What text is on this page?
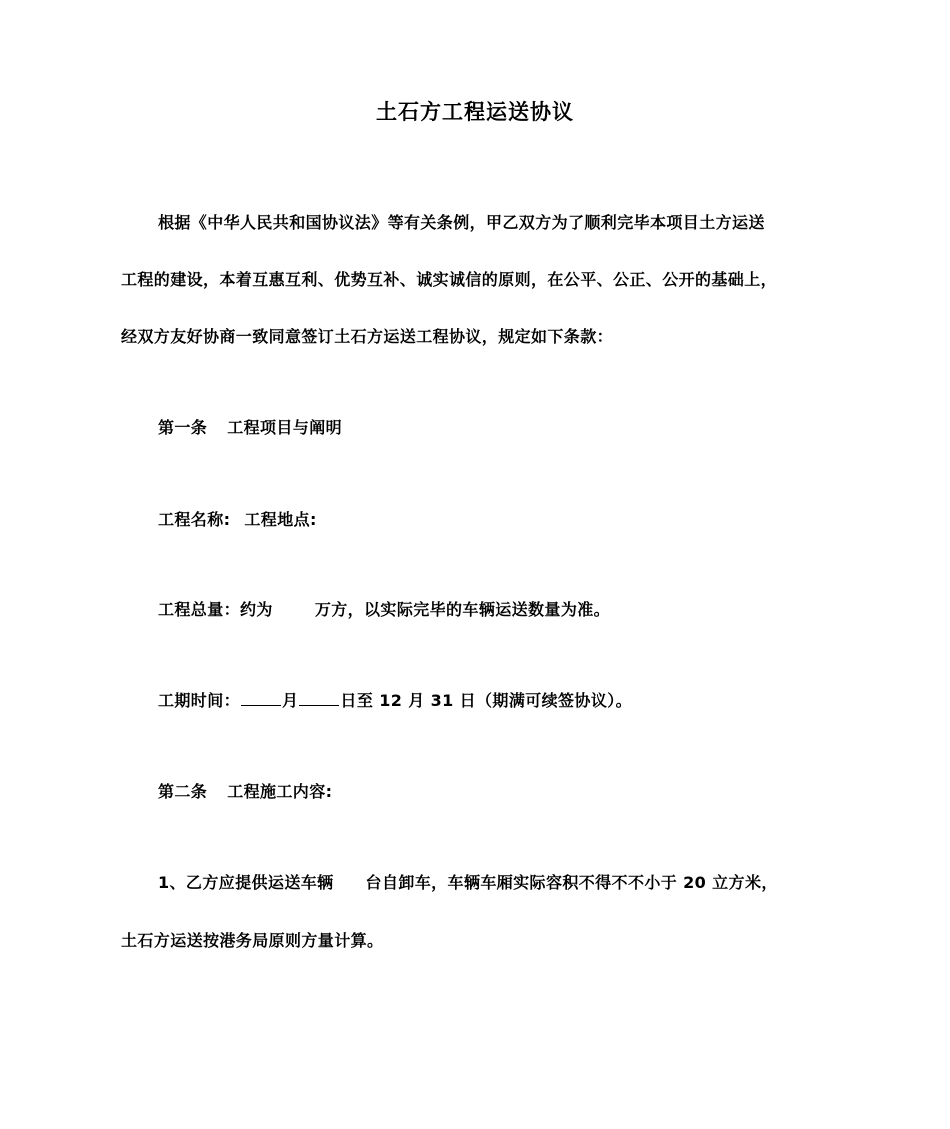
土石方工程运送协议
根据《中华人民共和国协议法》等有关条例，甲乙双方为了顺利完毕本项目土方运送
工程的建设，本着互惠互利、优势互补、诚实诚信的原则，在公平、公正、公开的基础上，
经双方友好协商一致同意签订土石方运送工程协议，规定如下条款：
第一条 工程项目与阐明
工程名称: 工程地点:
工程总量：约为	万方，以实际完毕的车辆运送数量为准。
工期时间：	月	日至 12 月 31 日（期满可续签协议）。
第二条 工程施工内容:
1、乙方应提供运送车辆 台自卸车，车辆车厢实际容积不得不不小于 20 立方米，
土石方运送按港务局原则方量计算。
